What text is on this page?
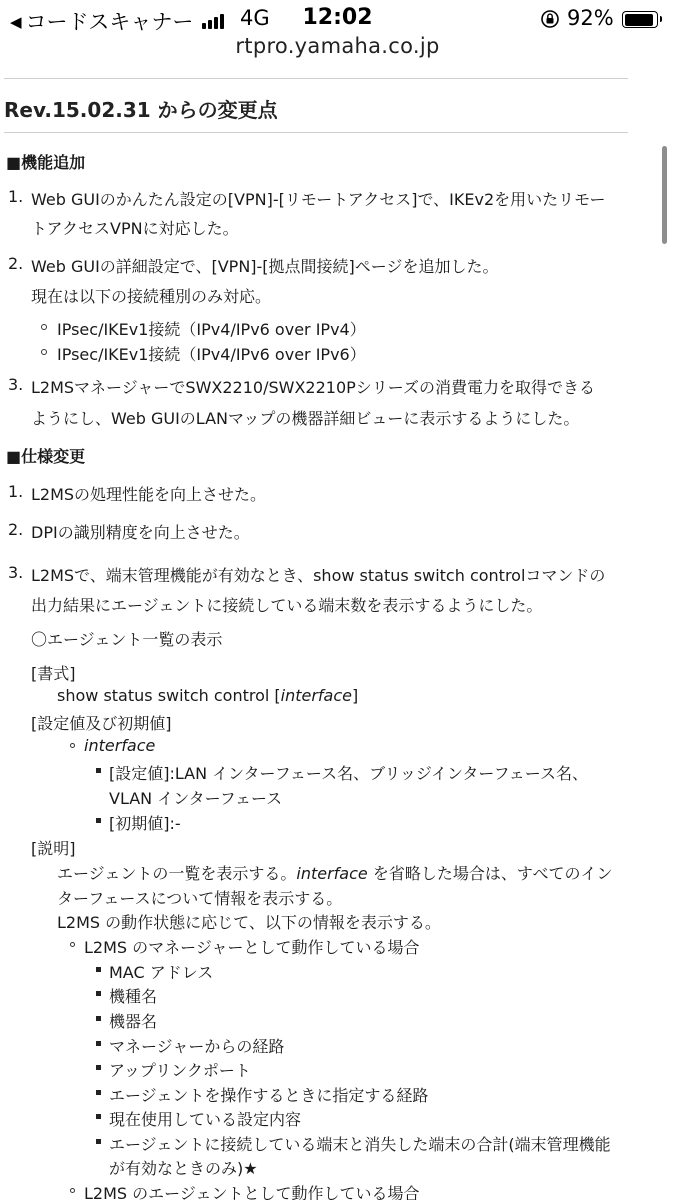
◀ コードスキャナー 4G	12:02	92%
rtpro.yamaha.co.jp
Rev.15.02.31 からの変更点
■機能追加
1. Web GUIのかんたん設定の[VPN]-[リモートアクセス]で、IKEv2を用いたリモー
トアクセスVPNに対応した。
2. Web GUIの詳細設定で、[VPN]-[拠点間接続]ページを追加した。
現在は以下の接続種別のみ対応。
IPsec/IKEv1接続（IPv4/IPv6 over IPv4）
IPsec/IKEv1接続（IPv4/IPv6 over IPv6）
3. L2MSマネージャーでSWX2210/SWX2210Pシリーズの消費電力を取得できる
ようにし、Web GUIのLANマップの機器詳細ビューに表示するようにした。
■仕様変更
1. L2MSの処理性能を向上させた。
2. DPIの識別精度を向上させた。
3. L2MSで、端末管理機能が有効なとき、show status switch controlコマンドの
出力結果にエージェントに接続している端末数を表示するようにした。
〇エージェント一覧の表示
[書式]
show status switch control [interface]
[設定値及び初期値]
interface
[設定値]:LAN インターフェース名、ブリッジインターフェース名、
VLAN インターフェース
[初期値]:-
[説明]
エージェントの一覧を表示する。interface を省略した場合は、すべてのイン
ターフェースについて情報を表示する。
L2MS の動作状態に応じて、以下の情報を表示する。
L2MS のマネージャーとして動作している場合
MAC アドレス
機種名
機器名
マネージャーからの経路
アップリンクポート
エージェントを操作するときに指定する経路
現在使用している設定内容
エージェントに接続している端末と消失した端末の合計(端末管理機能
が有効なときのみ)★
L2MS のエージェントとして動作している場合
